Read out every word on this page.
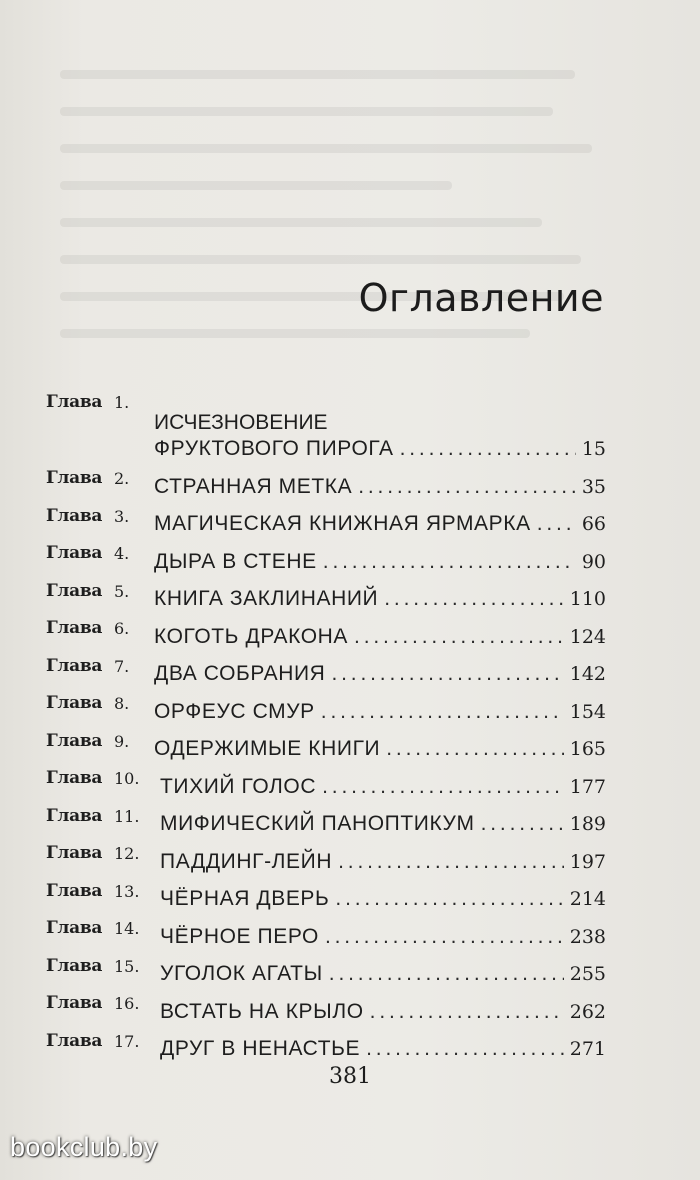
Оглавление
Глава 1.
ИСЧЕЗНОВЕНИЕ
ФРУКТОВОГО ПИРОГА . . .	15
Глава 2.	СТРАННАЯ МЕТКА . . .	35
Глава 3.	МАГИЧЕСКАЯ КНИЖНАЯ ЯРМАРКА . . .	66
Глава 4.	ДЫРА В СТЕНЕ . . .	90
Глава 5.	КНИГА ЗАКЛИНАНИЙ . . .	110
Глава 6.	КОГОТЬ ДРАКОНА . . .	124
Глава 7.	ДВА СОБРАНИЯ . . .	142
Глава 8.	ОРФЕУС СМУР . . .	154
Глава 9.	ОДЕРЖИМЫЕ КНИГИ . . .	165
Глава 10. ТИХИЙ ГОЛОС . . .	177
Глава 11. МИФИЧЕСКИЙ ПАНОПТИКУМ . . .	189
Глава 12. ПАДДИНГ-ЛЕЙН . . .	197
Глава 13. ЧЁРНАЯ ДВЕРЬ . . .	214
Глава 14. ЧЁРНОЕ ПЕРО . . .	238
Глава 15. УГОЛОК АГАТЫ . . .	255
Глава 16. ВСТАТЬ НА КРЫЛО . . .	262
Глава 17. ДРУГ В НЕНАСТЬЕ . . .	271
381
bookclub.by
